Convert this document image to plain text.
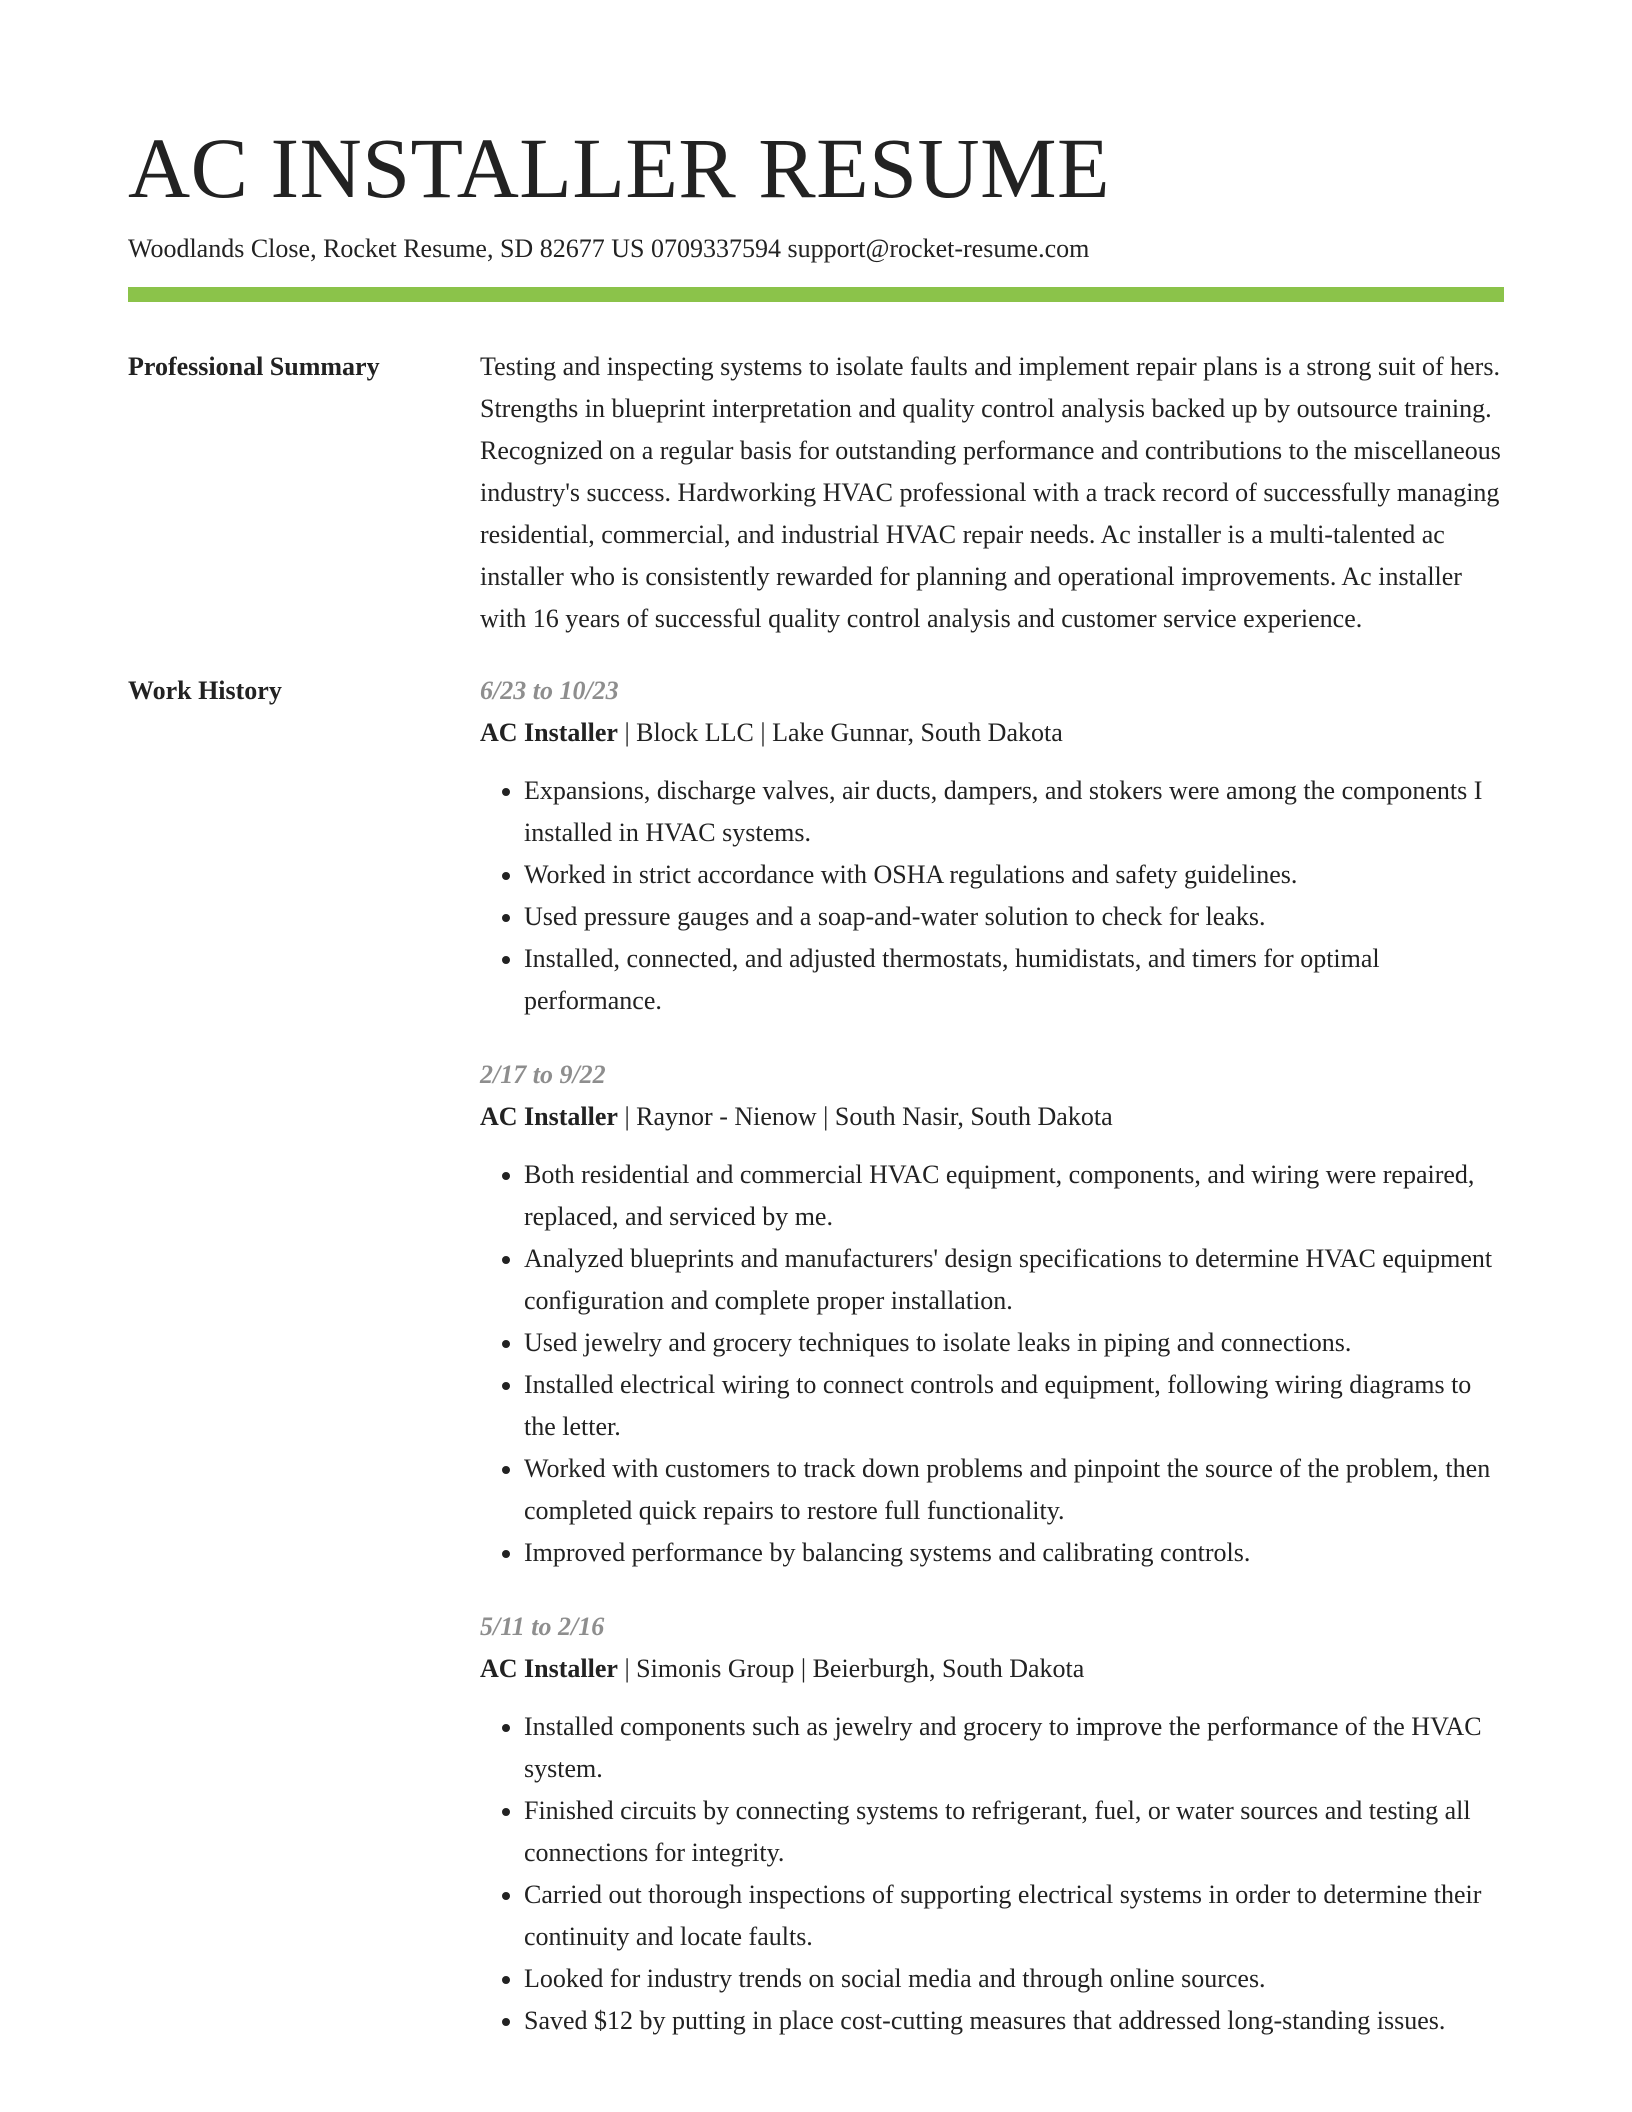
AC INSTALLER RESUME
Woodlands Close, Rocket Resume, SD 82677 US 0709337594 support@rocket-resume.com
Professional Summary	Testing and inspecting systems to isolate faults and implement repair plans is a strong suit of hers. Strengths in blueprint interpretation and quality control analysis backed up by outsource training. Recognized on a regular basis for outstanding performance and contributions to the miscellaneous industry's success. Hardworking HVAC professional with a track record of successfully managing residential, commercial, and industrial HVAC repair needs. Ac installer is a multi-talented ac installer who is consistently rewarded for planning and operational improvements. Ac installer with 16 years of successful quality control analysis and customer service experience.

Work History	6/23 to 10/23
AC Installer | Block LLC | Lake Gunnar, South Dakota
• Expansions, discharge valves, air ducts, dampers, and stokers were among the components I installed in HVAC systems.
• Worked in strict accordance with OSHA regulations and safety guidelines.
• Used pressure gauges and a soap-and-water solution to check for leaks.
• Installed, connected, and adjusted thermostats, humidistats, and timers for optimal performance.
2/17 to 9/22
AC Installer | Raynor - Nienow | South Nasir, South Dakota
• Both residential and commercial HVAC equipment, components, and wiring were repaired, replaced, and serviced by me.
• Analyzed blueprints and manufacturers' design specifications to determine HVAC equipment configuration and complete proper installation.
• Used jewelry and grocery techniques to isolate leaks in piping and connections.
• Installed electrical wiring to connect controls and equipment, following wiring diagrams to the letter.
• Worked with customers to track down problems and pinpoint the source of the problem, then completed quick repairs to restore full functionality.
• Improved performance by balancing systems and calibrating controls.
5/11 to 2/16
AC Installer | Simonis Group | Beierburgh, South Dakota
• Installed components such as jewelry and grocery to improve the performance of the HVAC system.
• Finished circuits by connecting systems to refrigerant, fuel, or water sources and testing all connections for integrity.
• Carried out thorough inspections of supporting electrical systems in order to determine their continuity and locate faults.
• Looked for industry trends on social media and through online sources.
• Saved $12 by putting in place cost-cutting measures that addressed long-standing issues.
